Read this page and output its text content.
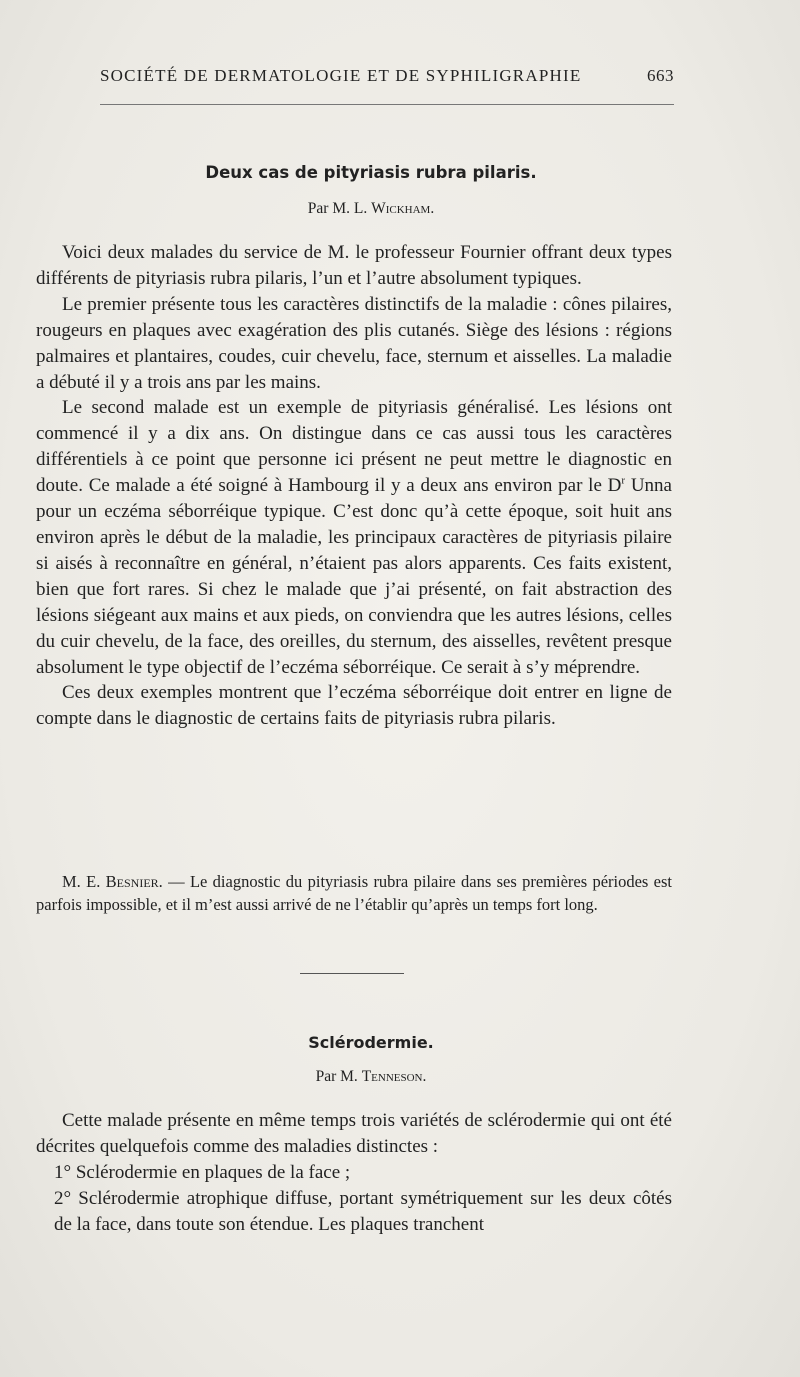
SOCIÉTÉ DE DERMATOLOGIE ET DE SYPHILIGRAPHIE	663
Deux cas de pityriasis rubra pilaris.
Par M. L. Wickham.

Voici deux malades du service de M. le professeur Fournier offrant deux types différents de pityriasis rubra pilaris, l’un et l’autre absolument typiques.

Le premier présente tous les caractères distinctifs de la maladie : cônes pilaires, rougeurs en plaques avec exagération des plis cutanés. Siège des lésions : régions palmaires et plantaires, coudes, cuir chevelu, face, sternum et aisselles. La maladie a débuté il y a trois ans par les mains.

Le second malade est un exemple de pityriasis généralisé. Les lésions ont commencé il y a dix ans. On distingue dans ce cas aussi tous les caractères différentiels à ce point que personne ici présent ne peut mettre le diagnostic en doute. Ce malade a été soigné à Hambourg il y a deux ans environ par le $D^r$ Unna pour un eczéma séborréique typique. C’est donc qu’à cette époque, soit huit ans environ après le début de la maladie, les principaux caractères de pityriasis pilaire si aisés à reconnaître en général, n’étaient pas alors apparents. Ces faits existent, bien que fort rares. Si chez le malade que j’ai présenté, on fait abstraction des lésions siégeant aux mains et aux pieds, on conviendra que les autres lésions, celles du cuir chevelu, de la face, des oreilles, du sternum, des aisselles, revêtent presque absolument le type objectif de l’eczéma séborréique. Ce serait à s’y méprendre.

Ces deux exemples montrent que l’eczéma séborréique doit entrer en ligne de compte dans le diagnostic de certains faits de pityriasis rubra pilaris.

M. E. Besnier. — Le diagnostic du pityriasis rubra pilaire dans ses premières périodes est parfois impossible, et il m’est aussi arrivé de ne l’établir qu’après un temps fort long.

Sclérodermie.
Par M. Tenneson.

Cette malade présente en même temps trois variétés de sclérodermie qui ont été décrites quelquefois comme des maladies distinctes :

1° Sclérodermie en plaques de la face ;

2° Sclérodermie atrophique diffuse, portant symétriquement sur les deux côtés de la face, dans toute son étendue. Les plaques tranchent
